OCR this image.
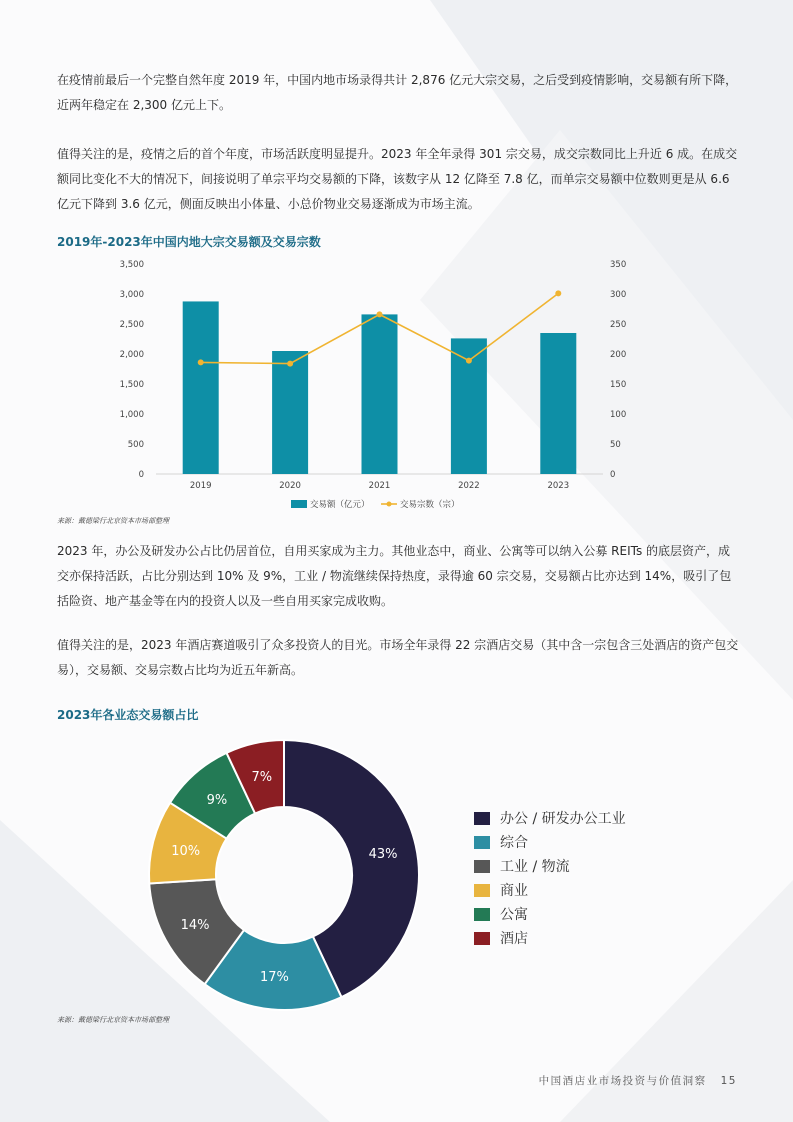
在疫情前最后一个完整自然年度 2019 年，中国内地市场录得共计 2,876 亿元大宗交易，之后受到疫情影响，交易额有所下降，近两年稳定在 2,300 亿元上下。

值得关注的是，疫情之后的首个年度，市场活跃度明显提升。2023 年全年录得 301 宗交易，成交宗数同比上升近 6 成。在成交额同比变化不大的情况下，间接说明了单宗平均交易额的下降，该数字从 12 亿降至 7.8 亿，而单宗交易额中位数则更是从 6.6 亿元下降到 3.6 亿元，侧面反映出小体量、小总价物业交易逐渐成为市场主流。

2019年-2023年中国内地大宗交易额及交易宗数

0
500
1,000
1,500
2,000
2,500
3,000
3,500
0
50
100
150
200
250
300
350
2019	2020	2021	2022	2023
交易额（亿元）	交易宗数（宗）

来源：戴德梁行北京资本市场部整理

2023 年，办公及研发办公占比仍居首位，自用买家成为主力。其他业态中，商业、公寓等可以纳入公募 REITs 的底层资产，成交亦保持活跃，占比分别达到 10% 及 9%，工业 / 物流继续保持热度，录得逾 60 宗交易，交易额占比亦达到 14%，吸引了包括险资、地产基金等在内的投资人以及一些自用买家完成收购。

值得关注的是，2023 年酒店赛道吸引了众多投资人的目光。市场全年录得 22 宗酒店交易（其中含一宗包含三处酒店的资产包交易），交易额、交易宗数占比均为近五年新高。

2023年各业态交易额占比

43%
17%
14%
10%
9%
7%
办公 / 研发办公工业
综合
工业 / 物流
商业
公寓
酒店

来源：戴德梁行北京资本市场部整理

中国酒店业市场投资与价值洞察 15
